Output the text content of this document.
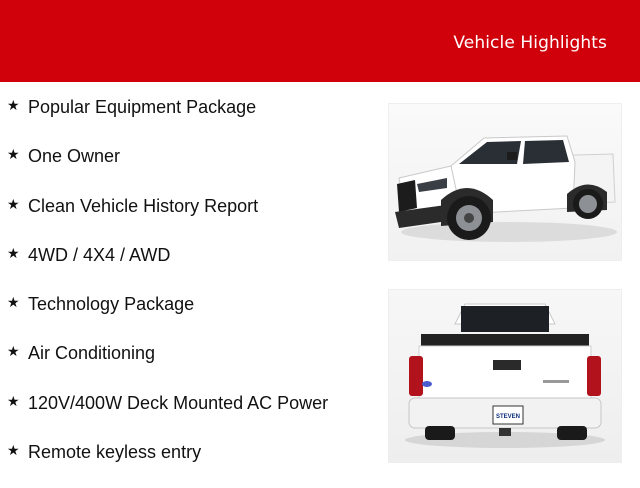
Vehicle Highlights
★ Popular Equipment Package
★ One Owner
★ Clean Vehicle History Report
★ 4WD / 4X4 / AWD
★ Technology Package
★ Air Conditioning
★ 120V/400W Deck Mounted AC Power
★ Remote keyless entry
STEVEN
